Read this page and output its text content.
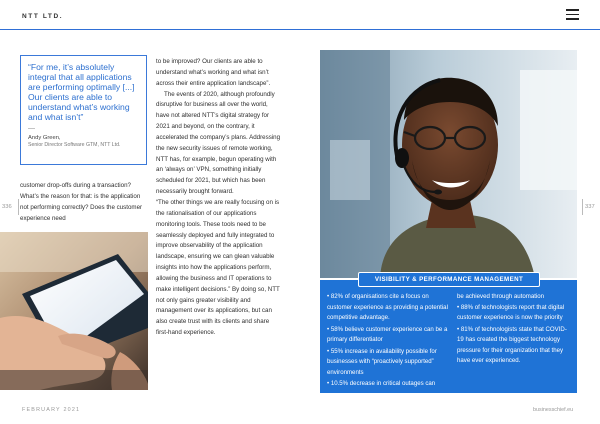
NTT LTD.
“For me, it’s absolutely integral that all applications are performing optimally [...] Our clients are able to understand what’s working and what isn’t”
—
Andy Green,
Senior Director Software GTM, NTT Ltd.
customer drop-offs during a transaction? What’s the reason for that: is the application not performing correctly? Does the customer experience need

to be improved? Our clients are able to understand what’s working and what isn’t across their entire application landscape”.

The events of 2020, although profoundly disruptive for business all over the world, have not altered NTT’s digital strategy for 2021 and beyond, on the contrary, it accelerated the company’s plans. Addressing the new security issues of remote working, NTT has, for example, begun operating with an ‘always on’ VPN, something initially scheduled for 2021, but which has been necessarily brought forward.

“The other things we are really focusing on is the rationalisation of our applications monitoring tools. These tools need to be seamlessly deployed and fully integrated to improve observability of the application landscape, ensuring we can glean valuable insights into how the applications perform, allowing the business and IT operations to make intelligent decisions.” By doing so, NTT not only gains greater visibility and management over its applications, but can also create trust with its clients and share first-hand experience.

336	337
VISIBILITY & PERFORMANCE MANAGEMENT
• 82% of organisations cite a focus on customer experience as providing a potential competitive advantage.
• 58% believe customer experience can be a primary differentiator
• 55% increase in availability possible for businesses with “proactively supported” environments
• 10.5% decrease in critical outages can
be achieved through automation
• 88% of technologists report that digital customer experience is now the priority
• 81% of technologists state that COVID-19 has created the biggest technology pressure for their organization that they have ever experienced.
FEBRUARY 2021	businesschief.eu
